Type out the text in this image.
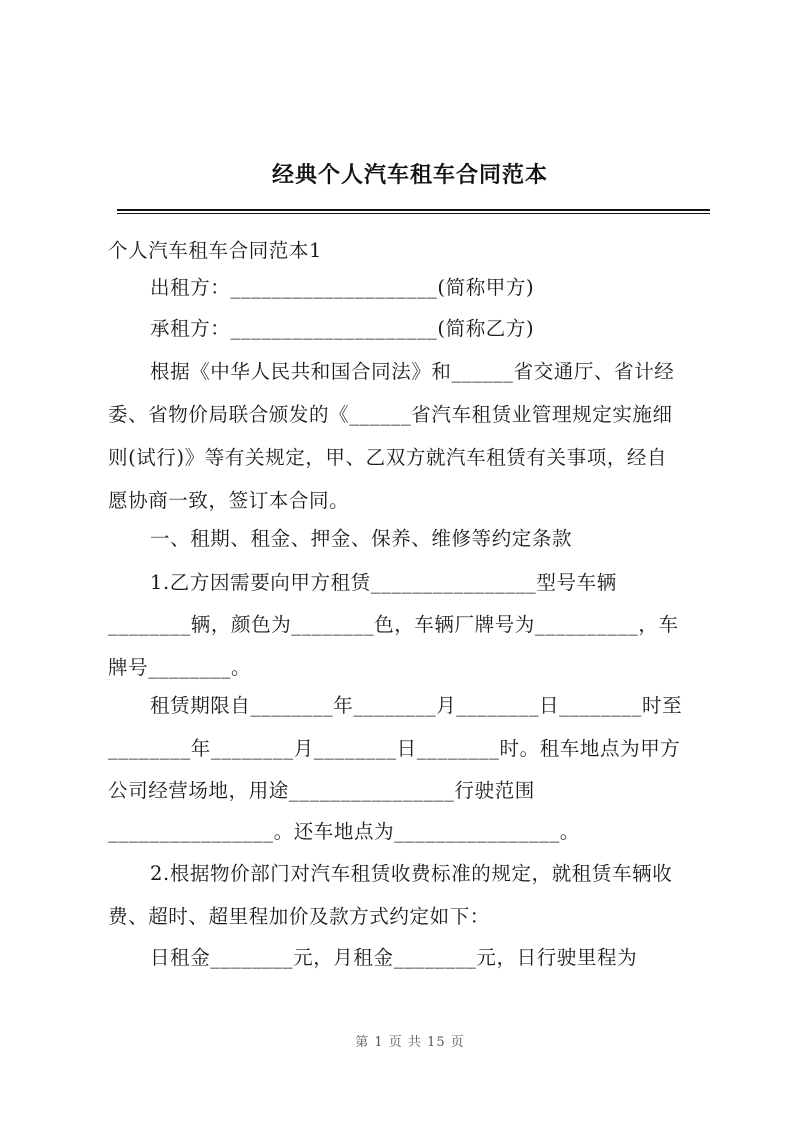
经典个人汽车租车合同范本
个人汽车租车合同范本1
出租方：____________________(简称甲方)
承租方：____________________(简称乙方)
根据《中华人民共和国合同法》和______省交通厅、省计经
委、省物价局联合颁发的《______省汽车租赁业管理规定实施细
则(试行)》等有关规定，甲、乙双方就汽车租赁有关事项，经自
愿协商一致，签订本合同。
一、租期、租金、押金、保养、维修等约定条款
1.乙方因需要向甲方租赁________________型号车辆
________辆，颜色为________色，车辆厂牌号为__________，车
牌号________。
租赁期限自________年________月________日________时至
________年________月________日________时。租车地点为甲方
公司经营场地，用途________________行驶范围
________________。还车地点为________________。
2.根据物价部门对汽车租赁收费标准的规定，就租赁车辆收
费、超时、超里程加价及款方式约定如下：
日租金________元，月租金________元，日行驶里程为
第 1 页 共 15 页
